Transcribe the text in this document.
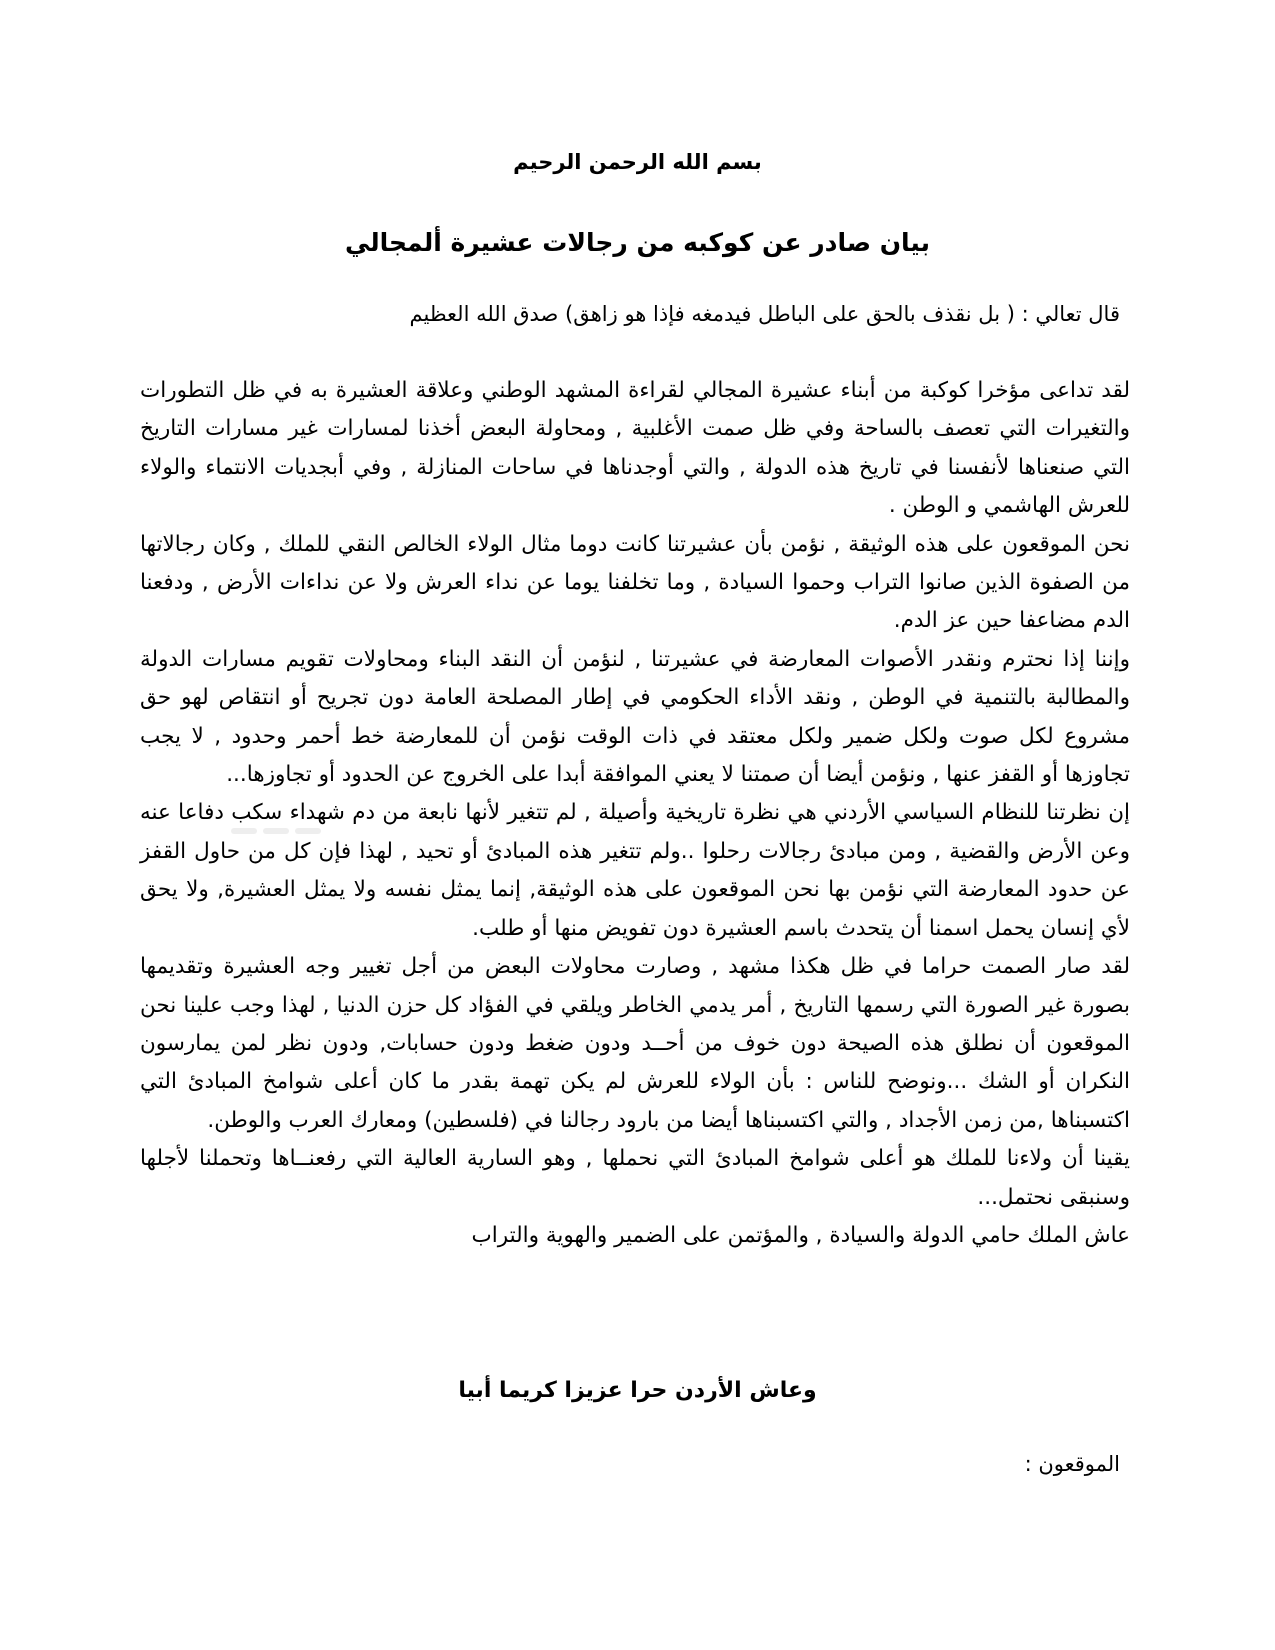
بسم الله الرحمن الرحيم
بيان صادر عن كوكبه من رجالات عشيرة ألمجالي
قال تعالي : ( بل نقذف بالحق على الباطل فيدمغه فإذا هو زاهق) صدق الله العظيم

لقد تداعى مؤخرا كوكبة من أبناء عشيرة المجالي لقراءة المشهد الوطني وعلاقة العشيرة به في ظل التطورات والتغيرات التي تعصف بالساحة وفي ظل صمت الأغلبية , ومحاولة البعض أخذنا لمسارات غير مسارات التاريخ التي صنعناها لأنفسنا في تاريخ هذه الدولة , والتي أوجدناها في ساحات المنازلة , وفي أبجديات الانتماء والولاء للعرش الهاشمي و الوطن .

نحن الموقعون على هذه الوثيقة , نؤمن بأن عشيرتنا كانت دوما مثال الولاء الخالص النقي للملك , وكان رجالاتها من الصفوة الذين صانوا التراب وحموا السيادة , وما تخلفنا يوما عن نداء العرش ولا عن نداءات الأرض , ودفعنا الدم مضاعفا حين عز الدم.

وإننا إذا نحترم ونقدر الأصوات المعارضة في عشيرتنا , لنؤمن أن النقد البناء ومحاولات تقويم مسارات الدولة والمطالبة بالتنمية في الوطن , ونقد الأداء الحكومي في إطار المصلحة العامة دون تجريح أو انتقاص لهو حق مشروع لكل صوت ولكل ضمير ولكل معتقد في ذات الوقت نؤمن أن للمعارضة خط أحمر وحدود , لا يجب تجاوزها أو القفز عنها , ونؤمن أيضا أن صمتنا لا يعني الموافقة أبدا على الخروج عن الحدود أو تجاوزها...

إن نظرتنا للنظام السياسي الأردني هي نظرة تاريخية وأصيلة , لم تتغير لأنها نابعة من دم شهداء سكب دفاعا عنه وعن الأرض والقضية , ومن مبادئ رجالات رحلوا ..ولم تتغير هذه المبادئ أو تحيد , لهذا فإن كل من حاول القفز عن حدود المعارضة التي نؤمن بها نحن الموقعون على هذه الوثيقة, إنما يمثل نفسه ولا يمثل العشيرة, ولا يحق لأي إنسان يحمل اسمنا أن يتحدث باسم العشيرة دون تفويض منها أو طلب.

لقد صار الصمت حراما في ظل هكذا مشهد , وصارت محاولات البعض من أجل تغيير وجه العشيرة وتقديمها بصورة غير الصورة التي رسمها التاريخ , أمر يدمي الخاطر ويلقي في الفؤاد كل حزن الدنيا , لهذا وجب علينا نحن الموقعون أن نطلق هذه الصيحة دون خوف من أحــد ودون ضغط ودون حسابات, ودون نظر لمن يمارسون النكران أو الشك ...ونوضح للناس : بأن الولاء للعرش لم يكن تهمة بقدر ما كان أعلى شوامخ المبادئ التي اكتسبناها ,من زمن الأجداد , والتي اكتسبناها أيضا من بارود رجالنا في (فلسطين) ومعارك العرب والوطن.

يقينا أن ولاءنا للملك هو أعلى شوامخ المبادئ التي نحملها , وهو السارية العالية التي رفعنــاها وتحملنا لأجلها وسنبقى نحتمل...

عاش الملك حامي الدولة والسيادة , والمؤتمن على الضمير والهوية والتراب

وعاش الأردن حرا عزيزا كريما أبيا
الموقعون :
